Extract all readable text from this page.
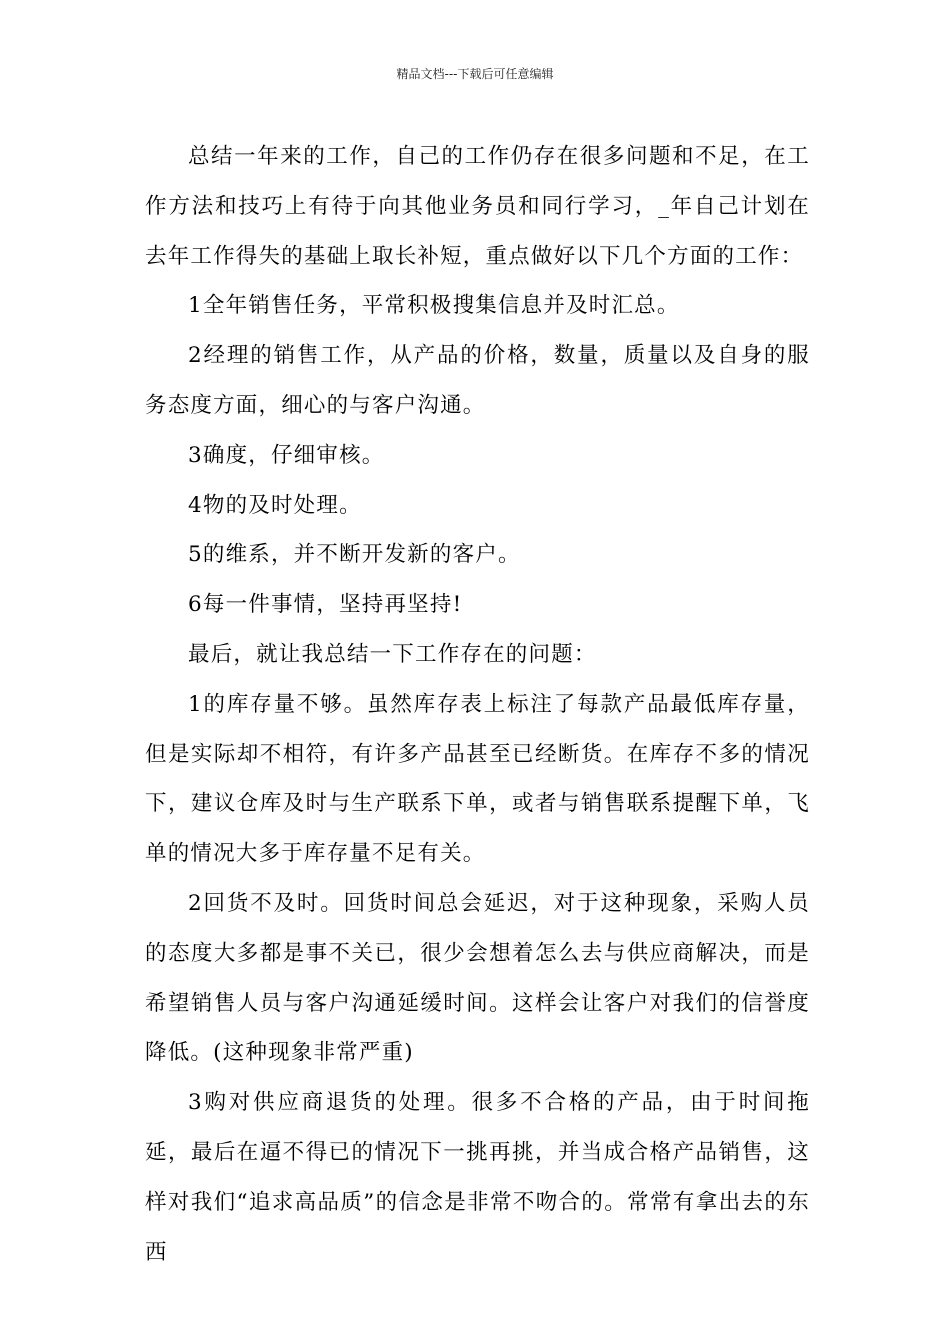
精品文档---下载后可任意编辑

总结一年来的工作，自己的工作仍存在很多问题和不足，在工作方法和技巧上有待于向其他业务员和同行学习，_年自己计划在去年工作得失的基础上取长补短，重点做好以下几个方面的工作：

1全年销售任务，平常积极搜集信息并及时汇总。

2经理的销售工作，从产品的价格，数量，质量以及自身的服务态度方面，细心的与客户沟通。

3确度，仔细审核。

4物的及时处理。

5的维系，并不断开发新的客户。

6每一件事情，坚持再坚持!

最后，就让我总结一下工作存在的问题：

1的库存量不够。虽然库存表上标注了每款产品最低库存量，但是实际却不相符，有许多产品甚至已经断货。在库存不多的情况下，建议仓库及时与生产联系下单，或者与销售联系提醒下单，飞单的情况大多于库存量不足有关。

2回货不及时。回货时间总会延迟，对于这种现象，采购人员的态度大多都是事不关已，很少会想着怎么去与供应商解决，而是希望销售人员与客户沟通延缓时间。这样会让客户对我们的信誉度降低。(这种现象非常严重)

3购对供应商退货的处理。很多不合格的产品，由于时间拖延，最后在逼不得已的情况下一挑再挑，并当成合格产品销售，这样对我们“追求高品质”的信念是非常不吻合的。常常有拿出去的东西
